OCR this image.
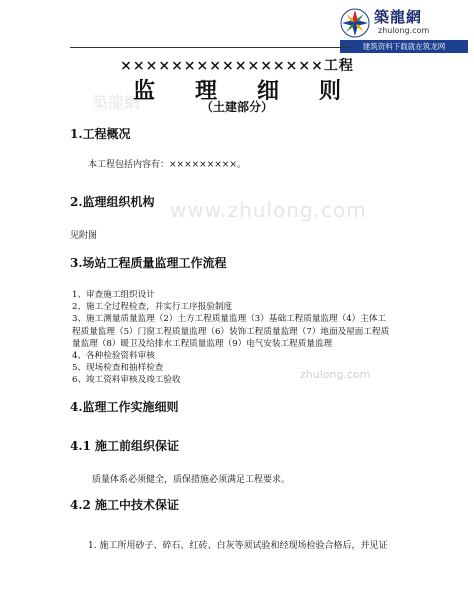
築龍網
zhulong.com
建筑资料下载就在筑龙网
築龍網
www.zhulong.com
zhulong.com
××××××××××××××××工程
监 理 细 则
（土建部分）
1.工程概况
本工程包括内容有：×××××××××。
2.监理组织机构
见附图
3.场站工程质量监理工作流程
1、审查施工组织设计
2、施工全过程检查，并实行工序报验制度
3、施工测量质量监理（2）土方工程质量监理（3）基础工程质量监理（4）主体工程质量监理（5）门窗工程质量监理（6）装饰工程质量监理（7）地面及屋面工程质量监理（8）暖卫及给排水工程质量监理（9）电气安装工程质量监理
4、各种检验资料审核
5、现场检查和抽样检查
6、竣工资料审核及竣工验收
4.监理工作实施细则
4.1 施工前组织保证
质量体系必须健全，质保措施必须满足工程要求。
4.2 施工中技术保证
1. 施工所用砂子、碎石、红砖、白灰等须试验和经现场检验合格后，并见证
